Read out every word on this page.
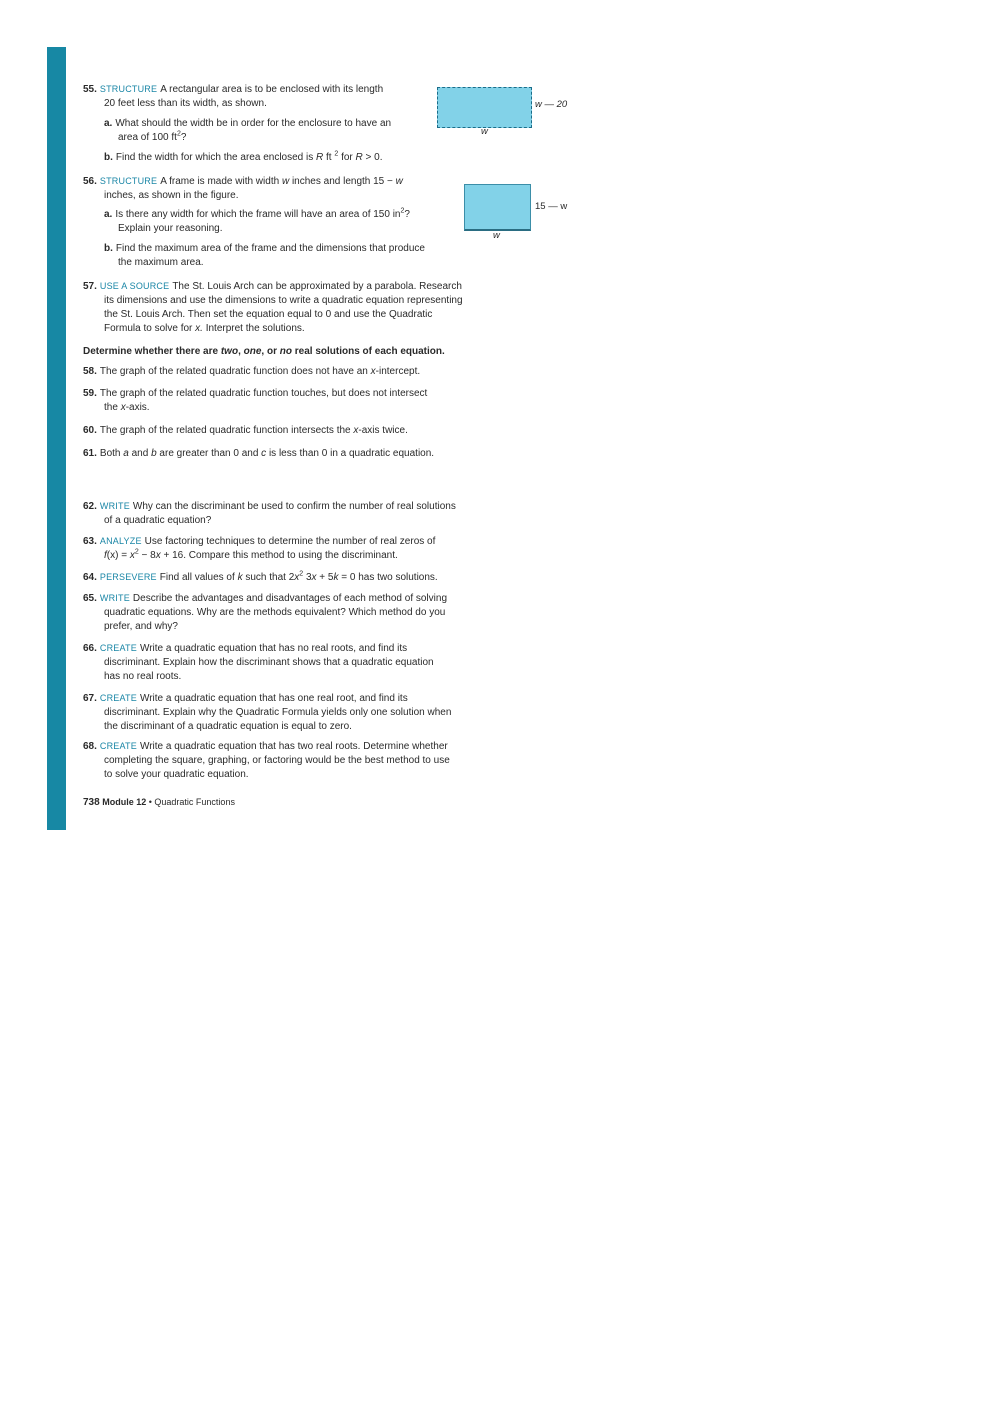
55. STRUCTURE A rectangular area is to be enclosed with its length
20 feet less than its width, as shown.
a. What should the width be in order for the enclosure to have an
area of 100 $ft^2$?
b. Find the width for which the area enclosed is R ft $^2$ for R > 0.
w — 20
w
56. STRUCTURE A frame is made with width w inches and length 15 − w
inches, as shown in the figure.
a. Is there any width for which the frame will have an area of 150 $in^2$?
Explain your reasoning.
b. Find the maximum area of the frame and the dimensions that produce
the maximum area.
15 — w
w
57. USE A SOURCE The St. Louis Arch can be approximated by a parabola. Research
its dimensions and use the dimensions to write a quadratic equation representing
the St. Louis Arch. Then set the equation equal to 0 and use the Quadratic
Formula to solve for x. Interpret the solutions.
Determine whether there are two, one, or no real solutions of each equation.
58. The graph of the related quadratic function does not have an x-intercept.
59. The graph of the related quadratic function touches, but does not intersect
the x-axis.
60. The graph of the related quadratic function intersects the x-axis twice.
61. Both a and b are greater than 0 and c is less than 0 in a quadratic equation.
62. WRITE Why can the discriminant be used to confirm the number of real solutions
of a quadratic equation?
63. ANALYZE Use factoring techniques to determine the number of real zeros of
$f(x) = x^2 - 8x + 16$. Compare this method to using the discriminant.
64. PERSEVERE Find all values of k such that $2x^2$ 3x + 5k = 0 has two solutions.
65. WRITE Describe the advantages and disadvantages of each method of solving
quadratic equations. Why are the methods equivalent? Which method do you
prefer, and why?
66. CREATE Write a quadratic equation that has no real roots, and find its
discriminant. Explain how the discriminant shows that a quadratic equation
has no real roots.
67. CREATE Write a quadratic equation that has one real root, and find its
discriminant. Explain why the Quadratic Formula yields only one solution when
the discriminant of a quadratic equation is equal to zero.
68. CREATE Write a quadratic equation that has two real roots. Determine whether
completing the square, graphing, or factoring would be the best method to use
to solve your quadratic equation.
738 Module 12 • Quadratic Functions
